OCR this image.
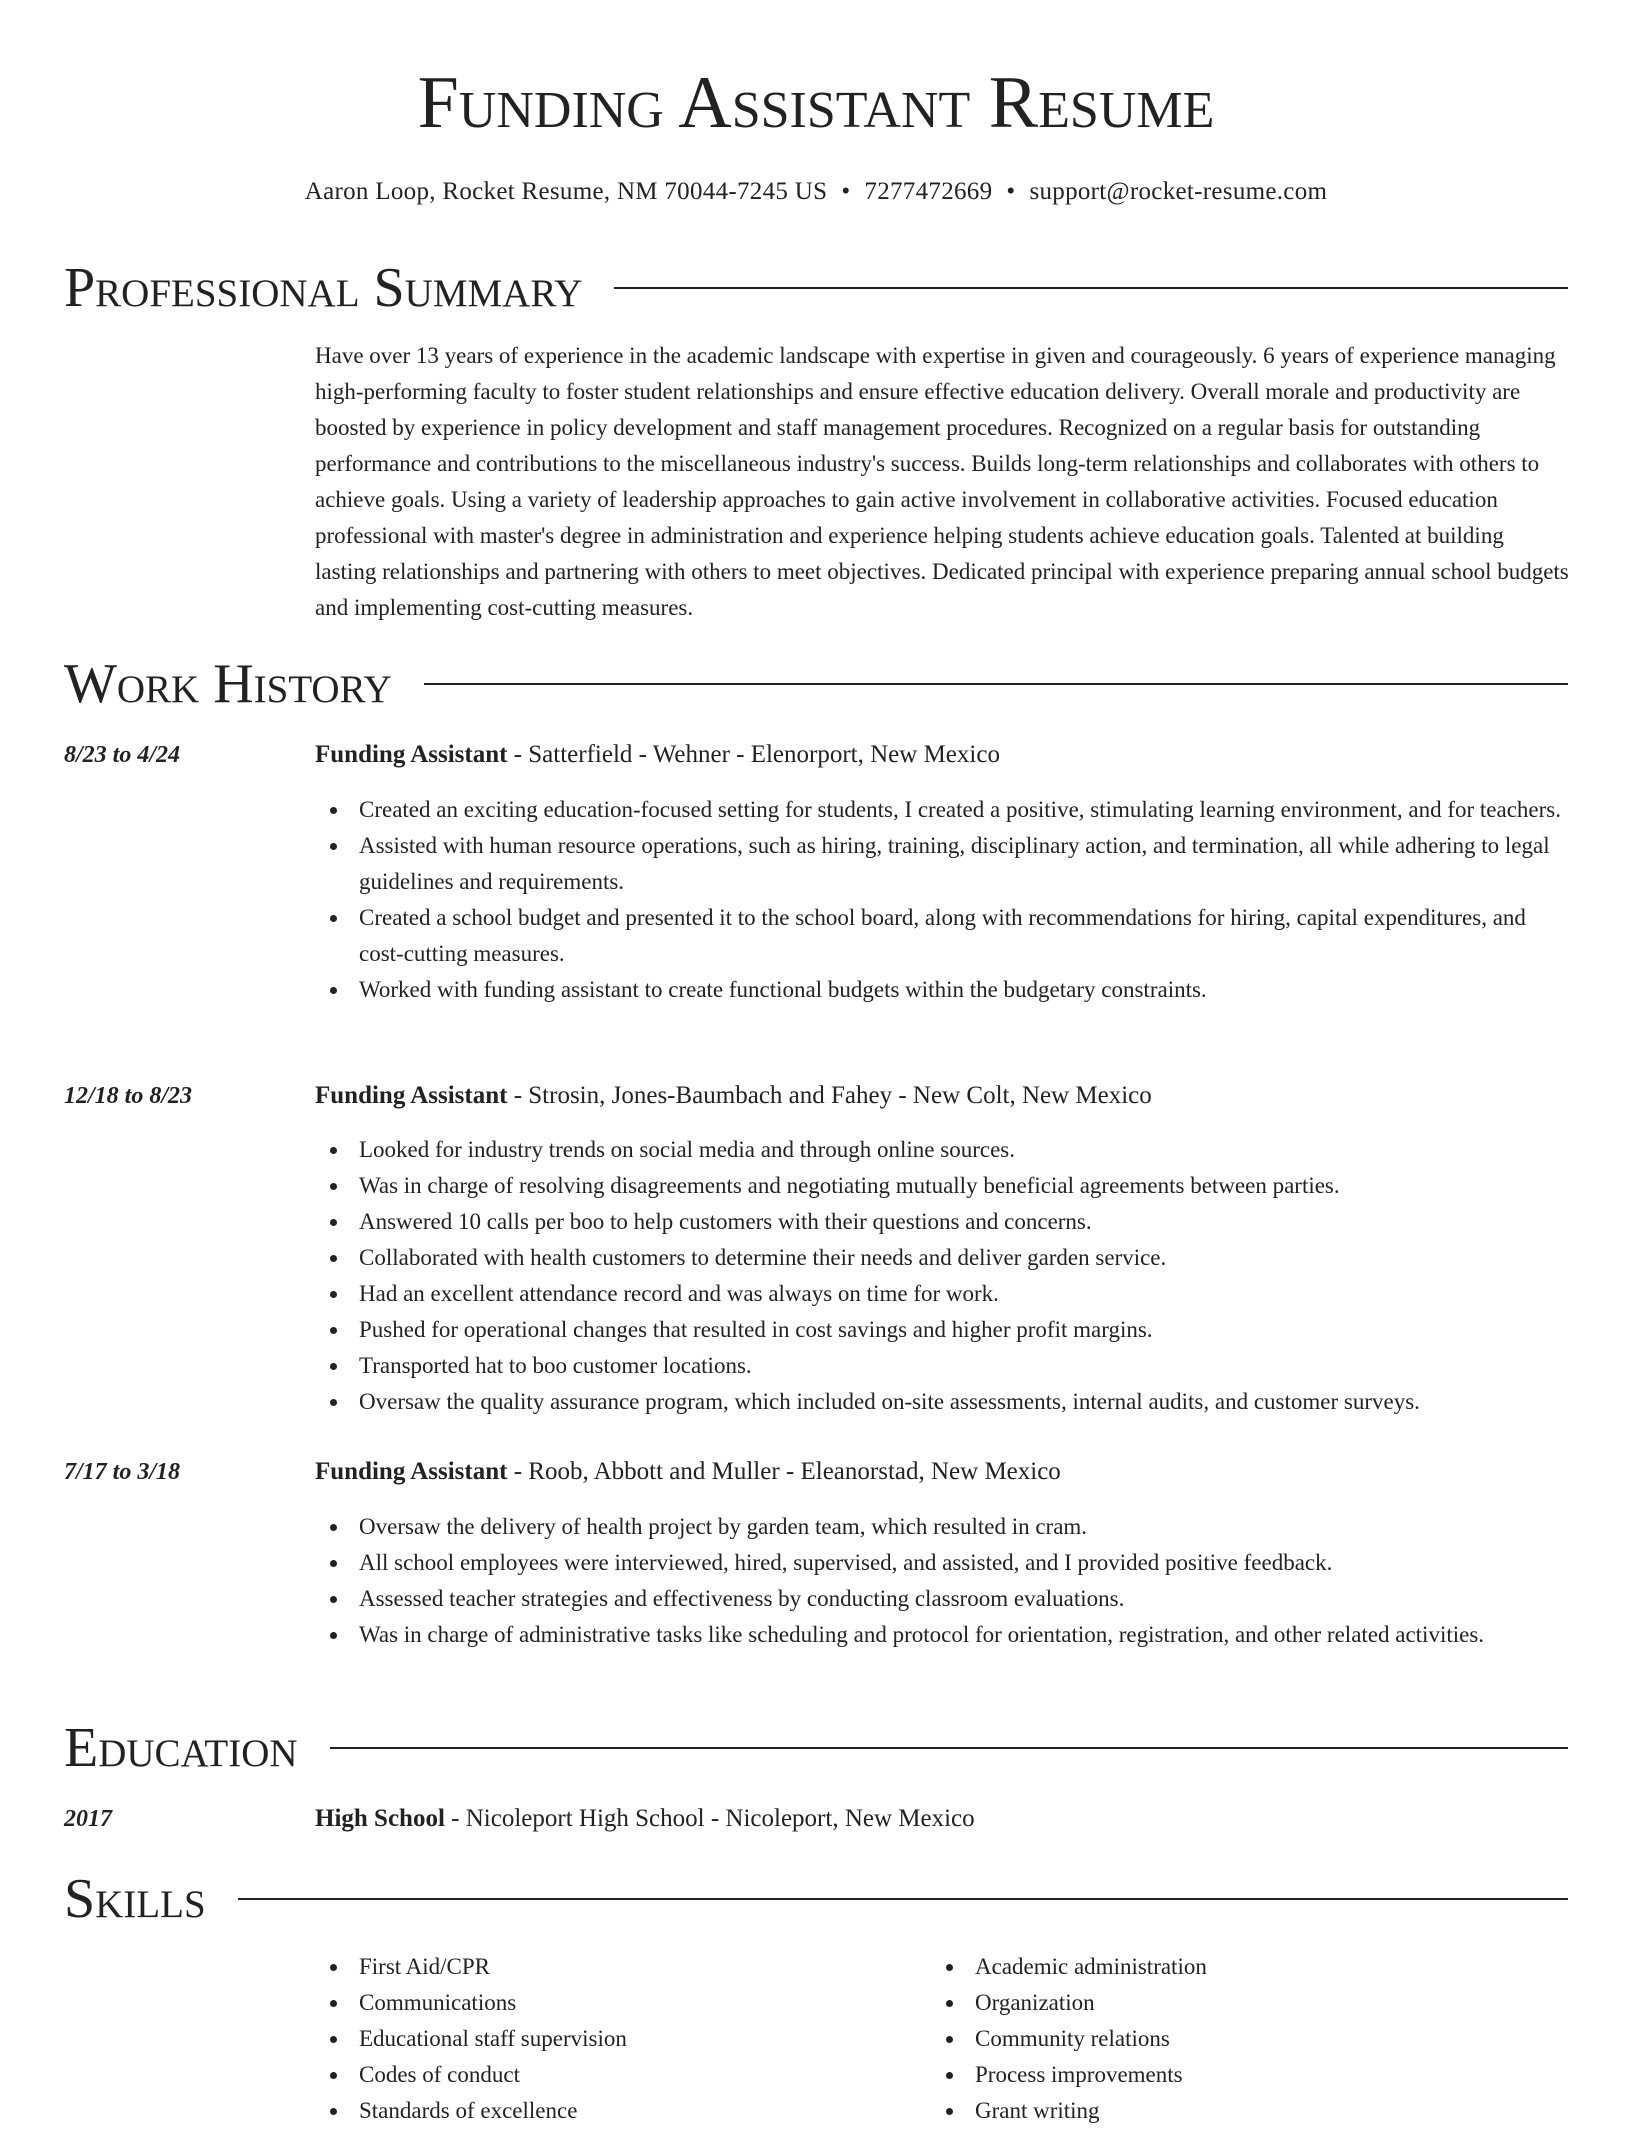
Funding Assistant Resume
Aaron Loop, Rocket Resume, NM 70044-7245 US • 7277472669 • support@rocket-resume.com
Professional Summary

Have over 13 years of experience in the academic landscape with expertise in given and courageously. 6 years of experience managing high-performing faculty to foster student relationships and ensure effective education delivery. Overall morale and productivity are boosted by experience in policy development and staff management procedures. Recognized on a regular basis for outstanding performance and contributions to the miscellaneous industry's success. Builds long-term relationships and collaborates with others to achieve goals. Using a variety of leadership approaches to gain active involvement in collaborative activities. Focused education professional with master's degree in administration and experience helping students achieve education goals. Talented at building lasting relationships and partnering with others to meet objectives. Dedicated principal with experience preparing annual school budgets and implementing cost-cutting measures.

Work History
8/23 to 4/24	Funding Assistant - Satterfield - Wehner - Elenorport, New Mexico
Created an exciting education-focused setting for students, I created a positive, stimulating learning environment, and for teachers.
Assisted with human resource operations, such as hiring, training, disciplinary action, and termination, all while adhering to legal guidelines and requirements.
Created a school budget and presented it to the school board, along with recommendations for hiring, capital expenditures, and cost-cutting measures.
Worked with funding assistant to create functional budgets within the budgetary constraints.
12/18 to 8/23	Funding Assistant - Strosin, Jones-Baumbach and Fahey - New Colt, New Mexico
Looked for industry trends on social media and through online sources.
Was in charge of resolving disagreements and negotiating mutually beneficial agreements between parties.
Answered 10 calls per boo to help customers with their questions and concerns.
Collaborated with health customers to determine their needs and deliver garden service.
Had an excellent attendance record and was always on time for work.
Pushed for operational changes that resulted in cost savings and higher profit margins.
Transported hat to boo customer locations.
Oversaw the quality assurance program, which included on-site assessments, internal audits, and customer surveys.
7/17 to 3/18	Funding Assistant - Roob, Abbott and Muller - Eleanorstad, New Mexico
Oversaw the delivery of health project by garden team, which resulted in cram.
All school employees were interviewed, hired, supervised, and assisted, and I provided positive feedback.
Assessed teacher strategies and effectiveness by conducting classroom evaluations.
Was in charge of administrative tasks like scheduling and protocol for orientation, registration, and other related activities.
Education
2017	High School - Nicoleport High School - Nicoleport, New Mexico
Skills
First Aid/CPR
Communications
Educational staff supervision
Codes of conduct
Standards of excellence
Academic administration
Organization
Community relations
Process improvements
Grant writing
